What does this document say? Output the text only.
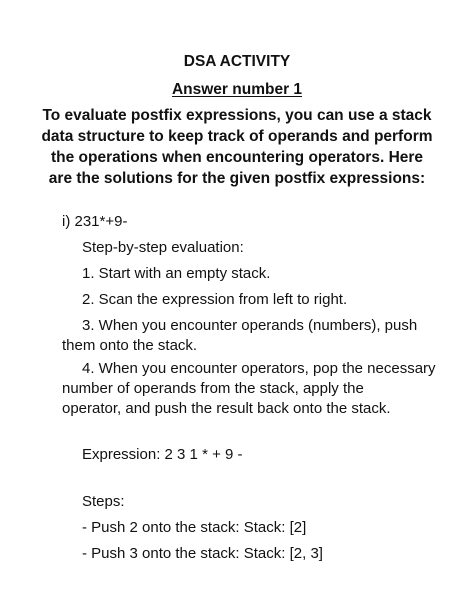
DSA ACTIVITY
Answer number 1
To evaluate postfix expressions, you can use a stack
data structure to keep track of operands and perform
the operations when encountering operators. Here
are the solutions for the given postfix expressions:
i) 231*+9-
Step-by-step evaluation:
1. Start with an empty stack.
2. Scan the expression from left to right.
3. When you encounter operands (numbers), push
them onto the stack.
4. When you encounter operators, pop the necessary
number of operands from the stack, apply the
operator, and push the result back onto the stack.
Expression: 2 3 1 * + 9 -
Steps:
- Push 2 onto the stack: Stack: [2]
- Push 3 onto the stack: Stack: [2, 3]
